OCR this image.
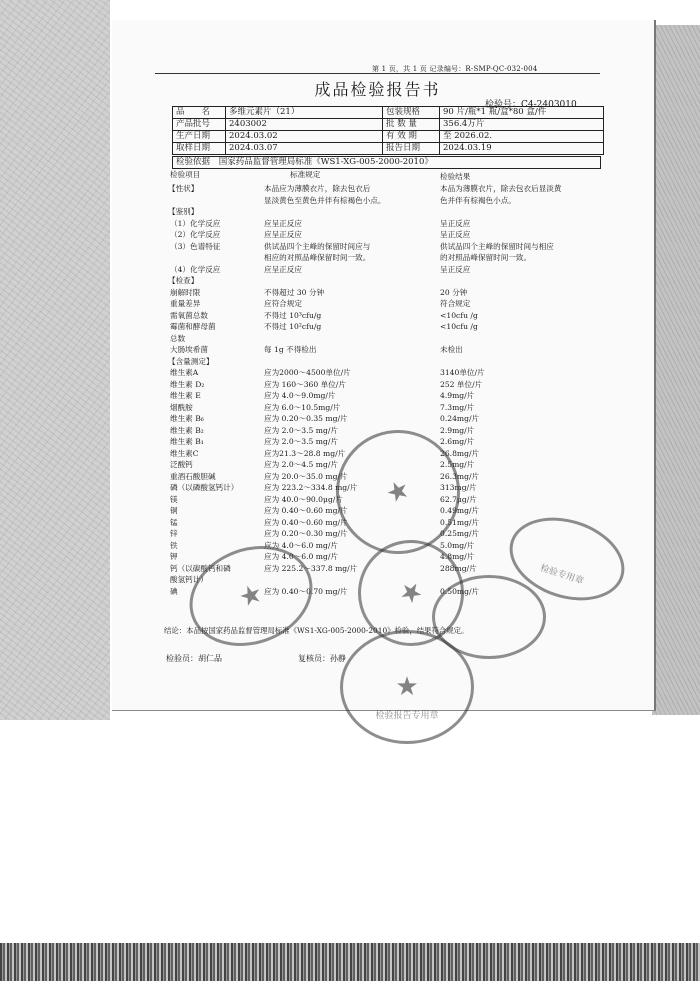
第 1 页，共 1 页 记录编号：R-SMP-QC-032-004
成品检验报告书
检验号：C4-2403010
品　　名	多维元素片（21）	包装规格	90 片/瓶*1 瓶/盒*80 盒/件
产品批号	2403002	批 数 量	356.4万片
生产日期	2024.03.02	有 效 期	至 2026.02.
取样日期	2024.03.07	报告日期	2024.03.19
检验依据 国家药品监督管理局标准《WS1-XG-005-2000-2010》
检验项目	标准规定	检验结果
【性状】	本品应为薄膜衣片，除去包衣后	本品为薄膜衣片，除去包衣后显淡黄
显淡黄色至黄色并伴有棕褐色小点。	色并伴有棕褐色小点。
【鉴别】
（1）化学反应	应呈正反应	呈正反应
（2）化学反应	应呈正反应	呈正反应
（3）色谱特征	供试品四个主峰的保留时间应与	供试品四个主峰的保留时间与相应
相应的对照品峰保留时间一致。	的对照品峰保留时间一致。
（4）化学反应	应呈正反应	呈正反应
【检查】
崩解时限	不得超过 30 分钟	20 分钟
重量差异	应符合规定	符合规定
需氧菌总数	不得过 10³cfu/g	<10cfu /g
霉菌和酵母菌	不得过 10²cfu/g	<10cfu /g
总数
大肠埃希菌	每 1g 不得检出	未检出
【含量测定】
维生素A	应为2000～4500单位/片	3140单位/片
维生素 D₂	应为 160～360 单位/片	252 单位/片
维生素 E	应为 4.0～9.0mg/片	4.9mg/片
烟酰胺	应为 6.0～10.5mg/片	7.3mg/片
维生素 B₆	应为 0.20～0.35 mg/片	0.24mg/片
维生素 B₂	应为 2.0～3.5 mg/片	2.9mg/片
维生素 B₁	应为 2.0～3.5 mg/片	2.6mg/片
维生素C	应为21.3～28.8 mg/片	26.8mg/片
泛酸钙	应为 2.0～4.5 mg/片	2.5mg/片
重酒石酸胆碱	应为 20.0～35.0 mg/片	26.3mg/片
磷（以磷酸氢钙计）	应为 223.2～334.8 mg/片	313mg/片
镁	应为 40.0～90.0μg/片	62.7μg/片
铜	应为 0.40～0.60 mg/片	0.49mg/片
锰	应为 0.40～0.60 mg/片	0.51mg/片
锌	应为 0.20～0.30 mg/片	0.25mg/片
铁	应为 4.0～6.0 mg/片	5.0mg/片
钾	应为 4.0～6.0 mg/片	4.8mg/片
钙（以碳酸钙和磷	应为 225.2～337.8 mg/片	288mg/片
酸氢钙计）
碘	应为 0.40～0.70 mg/片	0.50mg/片
结论：本品按国家药品监督管理局标准《WS1-XG-005-2000-2010》检验，结果符合规定。
检验员：胡仁品	复核员：孙静
★
★
检验专用章
★
★
检验报告专用章
